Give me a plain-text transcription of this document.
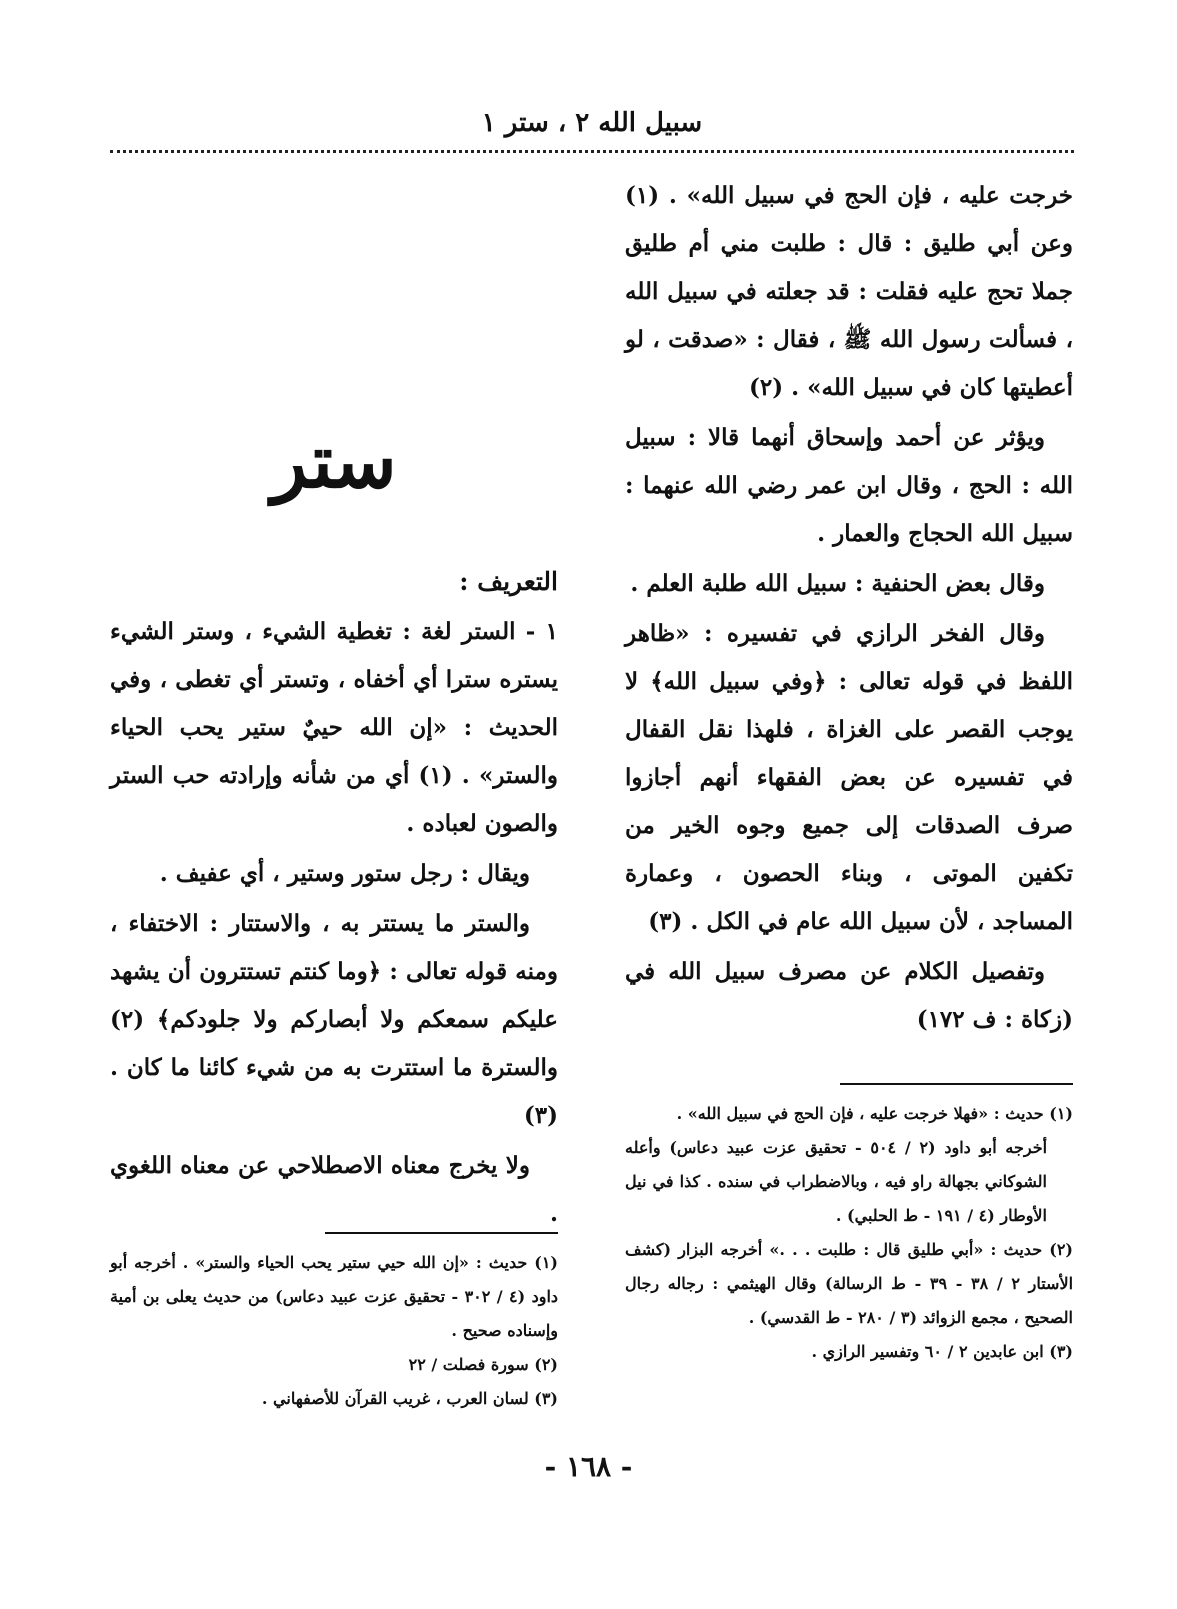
سبيل الله ٢ ، ستر ١

خرجت عليه ، فإن الحج في سبيل الله» . (١) وعن أبي طليق : قال : طلبت مني أم طليق جملا تحج عليه فقلت : قد جعلته في سبيل الله ، فسألت رسول الله ﷺ ، فقال : «صدقت ، لو أعطيتها كان في سبيل الله» . (٢)

ويؤثر عن أحمد وإسحاق أنهما قالا : سبيل الله : الحج ، وقال ابن عمر رضي الله عنهما : سبيل الله الحجاج والعمار .

وقال بعض الحنفية : سبيل الله طلبة العلم .

وقال الفخر الرازي في تفسيره : «ظاهر اللفظ في قوله تعالى : ﴿وفي سبيل الله﴾ لا يوجب القصر على الغزاة ، فلهذا نقل القفال في تفسيره عن بعض الفقهاء أنهم أجازوا صرف الصدقات إلى جميع وجوه الخير من تكفين الموتى ، وبناء الحصون ، وعمارة المساجد ، لأن سبيل الله عام في الكل . (٣)

وتفصيل الكلام عن مصرف سبيل الله في (زكاة : ف ١٧٢)

ستر
التعريف :

١ - الستر لغة : تغطية الشيء ، وستر الشيء يستره سترا أي أخفاه ، وتستر أي تغطى ، وفي الحديث : «إن الله حييٌ ستير يحب الحياء والستر» . (١) أي من شأنه وإرادته حب الستر والصون لعباده .

ويقال : رجل ستور وستير ، أي عفيف .

والستر ما يستتر به ، والاستتار : الاختفاء ، ومنه قوله تعالى : ﴿وما كنتم تستترون أن يشهد عليكم سمعكم ولا أبصاركم ولا جلودكم﴾ (٢) والسترة ما استترت به من شيء كائنا ما كان . (٣)

ولا يخرج معناه الاصطلاحي عن معناه اللغوي .

(١) حديث : «فهلا خرجت عليه ، فإن الحج في سبيل الله» .

أخرجه أبو داود (٢ / ٥٠٤ - تحقيق عزت عبيد دعاس) وأعله الشوكاني بجهالة راو فيه ، وبالاضطراب في سنده . كذا في نيل الأوطار (٤ / ١٩١ - ط الحلبي) .

(٢) حديث : «أبي طليق قال : طلبت . . .» أخرجه البزار (كشف الأستار ٢ / ٣٨ - ٣٩ - ط الرسالة) وقال الهيثمي : رجاله رجال الصحيح ، مجمع الزوائد (٣ / ٢٨٠ - ط القدسي) .

(٣) ابن عابدين ٢ / ٦٠ وتفسير الرازي .

(١) حديث : «إن الله حيي ستير يحب الحياء والستر» . أخرجه أبو داود (٤ / ٣٠٢ - تحقيق عزت عبيد دعاس) من حديث يعلى بن أمية وإسناده صحيح .

(٢) سورة فصلت / ٢٢

(٣) لسان العرب ، غريب القرآن للأصفهاني .

- ١٦٨ -
